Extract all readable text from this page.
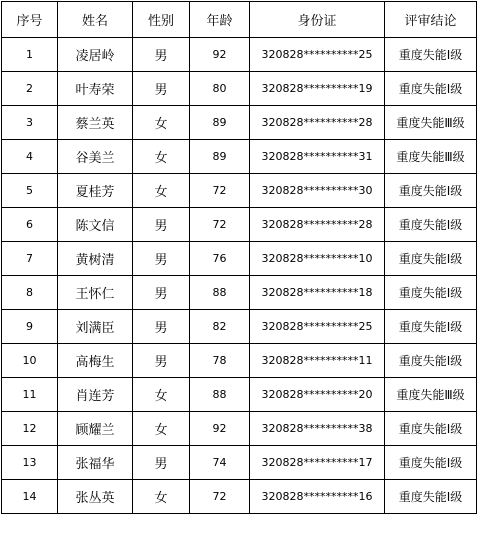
序号	姓名	性别	年龄	身份证	评审结论
1	凌居岭	男	92	320828**********25	重度失能Ⅰ级
2	叶寿荣	男	80	320828**********19	重度失能Ⅰ级
3	蔡兰英	女	89	320828**********28	重度失能Ⅲ级
4	谷美兰	女	89	320828**********31	重度失能Ⅲ级
5	夏桂芳	女	72	320828**********30	重度失能Ⅰ级
6	陈文信	男	72	320828**********28	重度失能Ⅰ级
7	黄树清	男	76	320828**********10	重度失能Ⅰ级
8	王怀仁	男	88	320828**********18	重度失能Ⅰ级
9	刘满臣	男	82	320828**********25	重度失能Ⅰ级
10	高梅生	男	78	320828**********11	重度失能Ⅰ级
11	肖连芳	女	88	320828**********20	重度失能Ⅲ级
12	顾耀兰	女	92	320828**********38	重度失能Ⅰ级
13	张福华	男	74	320828**********17	重度失能Ⅰ级
14	张丛英	女	72	320828**********16	重度失能Ⅰ级
